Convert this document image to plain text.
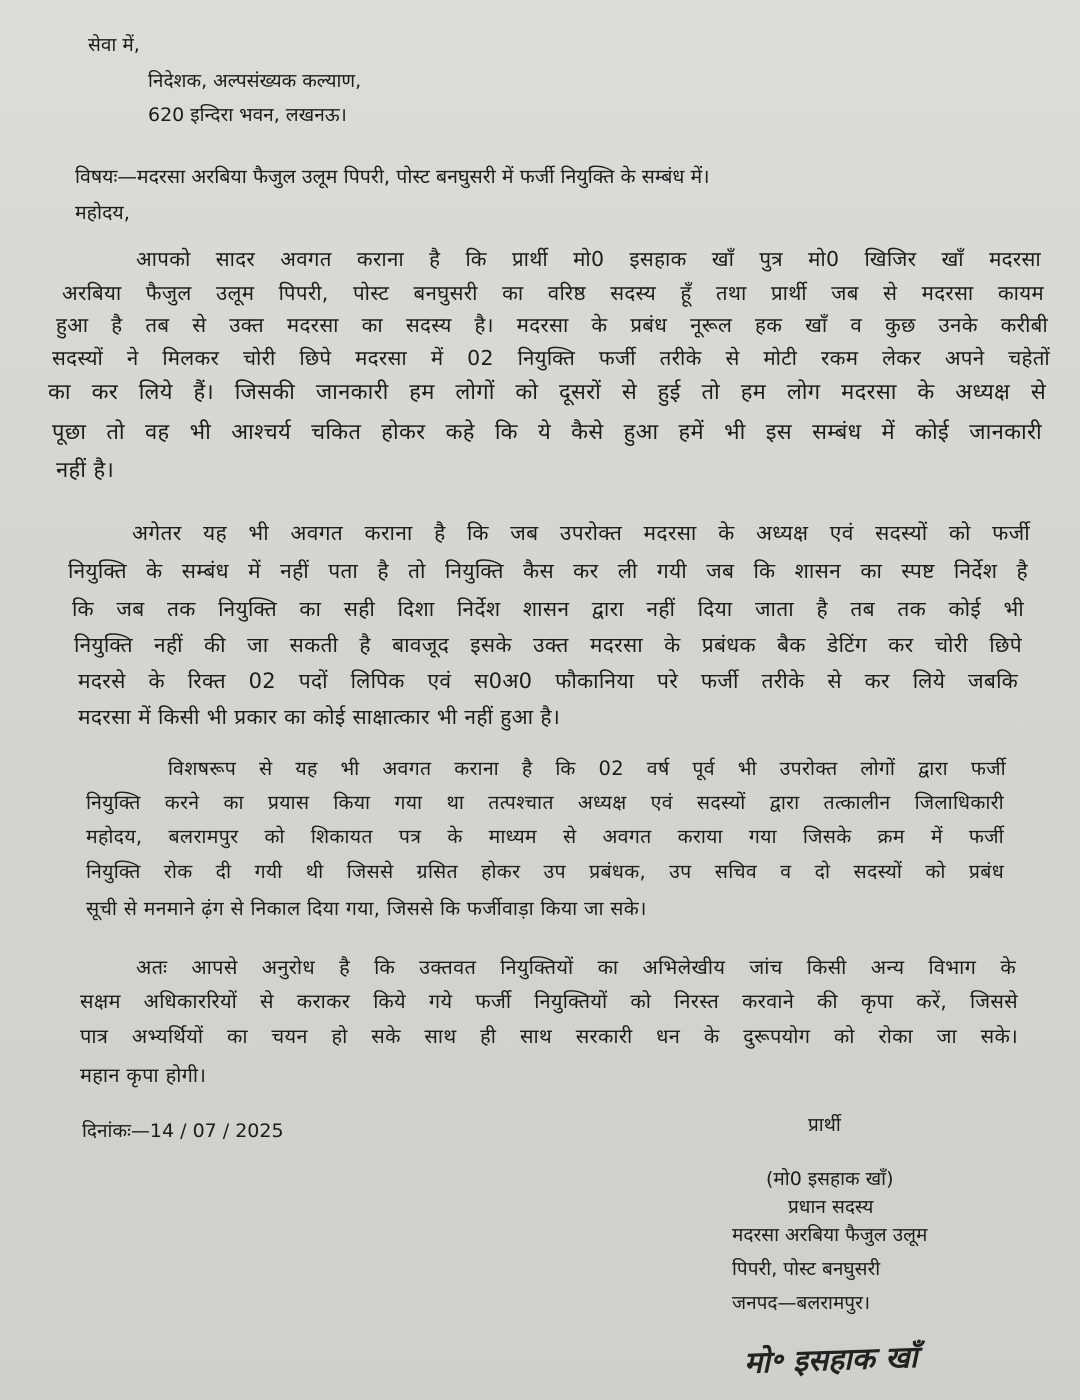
सेवा में,
निदेशक, अल्पसंख्यक कल्याण,
620 इन्दिरा भवन, लखनऊ।
विषयः—मदरसा अरबिया फैजुल उलूम पिपरी, पोस्ट बनघुसरी में फर्जी नियुक्ति के सम्बंध में।
महोदय,
आपको सादर अवगत कराना है कि प्रार्थी मो0 इसहाक खाँ पुत्र मो0 खिजिर खाँ मदरसा
अरबिया फैजुल उलूम पिपरी, पोस्ट बनघुसरी का वरिष्ठ सदस्य हूँ तथा प्रार्थी जब से मदरसा कायम
हुआ है तब से उक्त मदरसा का सदस्य है। मदरसा के प्रबंध नूरूल हक खाँ व कुछ उनके करीबी
सदस्यों ने मिलकर चोरी छिपे मदरसा में 02 नियुक्ति फर्जी तरीके से मोटी रकम लेकर अपने चहेतों
का कर लिये हैं। जिसकी जानकारी हम लोगों को दूसरों से हुई तो हम लोग मदरसा के अध्यक्ष से
पूछा तो वह भी आश्चर्य चकित होकर कहे कि ये कैसे हुआ हमें भी इस सम्बंध में कोई जानकारी
नहीं है।
अगेतर यह भी अवगत कराना है कि जब उपरोक्त मदरसा के अध्यक्ष एवं सदस्यों को फर्जी
नियुक्ति के सम्बंध में नहीं पता है तो नियुक्ति कैस कर ली गयी जब कि शासन का स्पष्ट निर्देश है
कि जब तक नियुक्ति का सही दिशा निर्देश शासन द्वारा नहीं दिया जाता है तब तक कोई भी
नियुक्ति नहीं की जा सकती है बावजूद इसके उक्त मदरसा के प्रबंधक बैक डेटिंग कर चोरी छिपे
मदरसे के रिक्त 02 पदों लिपिक एवं स0अ0 फौकानिया परे फर्जी तरीके से कर लिये जबकि
मदरसा में किसी भी प्रकार का कोई साक्षात्कार भी नहीं हुआ है।
विशषरूप से यह भी अवगत कराना है कि 02 वर्ष पूर्व भी उपरोक्त लोगों द्वारा फर्जी
नियुक्ति करने का प्रयास किया गया था तत्पश्चात अध्यक्ष एवं सदस्यों द्वारा तत्कालीन जिलाधिकारी
महोदय, बलरामपुर को शिकायत पत्र के माध्यम से अवगत कराया गया जिसके क्रम में फर्जी
नियुक्ति रोक दी गयी थी जिससे ग्रसित होकर उप प्रबंधक, उप सचिव व दो सदस्यों को प्रबंध
सूची से मनमाने ढ़ंग से निकाल दिया गया, जिससे कि फर्जीवाड़ा किया जा सके।
अतः आपसे अनुरोध है कि उक्तवत नियुक्तियों का अभिलेखीय जांच किसी अन्य विभाग के
सक्षम अधिकाररियों से कराकर किये गये फर्जी नियुक्तियों को निरस्त करवाने की कृपा करें, जिससे
पात्र अभ्यर्थियों का चयन हो सके साथ ही साथ सरकारी धन के दुरूपयोग को रोका जा सके।
महान कृपा होगी।
दिनांकः—14 / 07 / 2025	प्रार्थी
(मो0 इसहाक खाँ)
प्रधान सदस्य
मदरसा अरबिया फैजुल उलूम
पिपरी, पोस्ट बनघुसरी
जनपद—बलरामपुर।
मो॰ इसहाक खाँ
